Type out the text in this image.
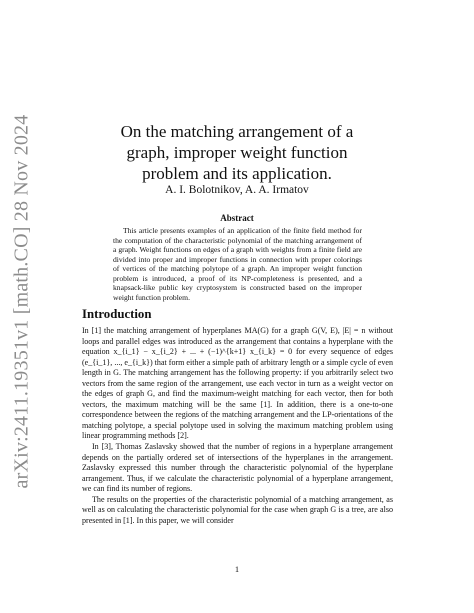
arXiv:2411.19351v1 [math.CO] 28 Nov 2024	On the matching arrangement of a graph, improper weight function problem and its application.
A. I. Bolotnikov, A. A. Irmatov
Abstract

This article presents examples of an application of the finite field method for the computation of the characteristic polynomial of the matching arrangement of a graph. Weight functions on edges of a graph with weights from a finite field are divided into proper and improper functions in connection with proper colorings of vertices of the matching polytope of a graph. An improper weight function problem is introduced, a proof of its NP-completeness is presented, and a knapsack-like public key cryptosystem is constructed based on the improper weight function problem.

Introduction

In [1] the matching arrangement of hyperplanes MA(G) for a graph G(V, E), |E| = n without loops and parallel edges was introduced as the arrangement that contains a hyperplane with the equation x_{i_1} − x_{i_2} + ... + (−1)^{k+1} x_{i_k} = 0 for every sequence of edges (e_{i_1}, ..., e_{i_k}) that form either a simple path of arbitrary length or a simple cycle of even length in G. The matching arrangement has the following property: if you arbitrarily select two vectors from the same region of the arrangement, use each vector in turn as a weight vector on the edges of graph G, and find the maximum-weight matching for each vector, then for both vectors, the maximum matching will be the same [1]. In addition, there is a one-to-one correspondence between the regions of the matching arrangement and the LP-orientations of the matching polytope, a special polytope used in solving the maximum matching problem using linear programming methods [2].

In [3], Thomas Zaslavsky showed that the number of regions in a hyperplane arrangement depends on the partially ordered set of intersections of the hyperplanes in the arrangement. Zaslavsky expressed this number through the characteristic polynomial of the hyperplane arrangement. Thus, if we calculate the characteristic polynomial of a hyperplane arrangement, we can find its number of regions.

The results on the properties of the characteristic polynomial of a matching arrangement, as well as on calculating the characteristic polynomial for the case when graph G is a tree, are also presented in [1]. In this paper, we will consider

1
